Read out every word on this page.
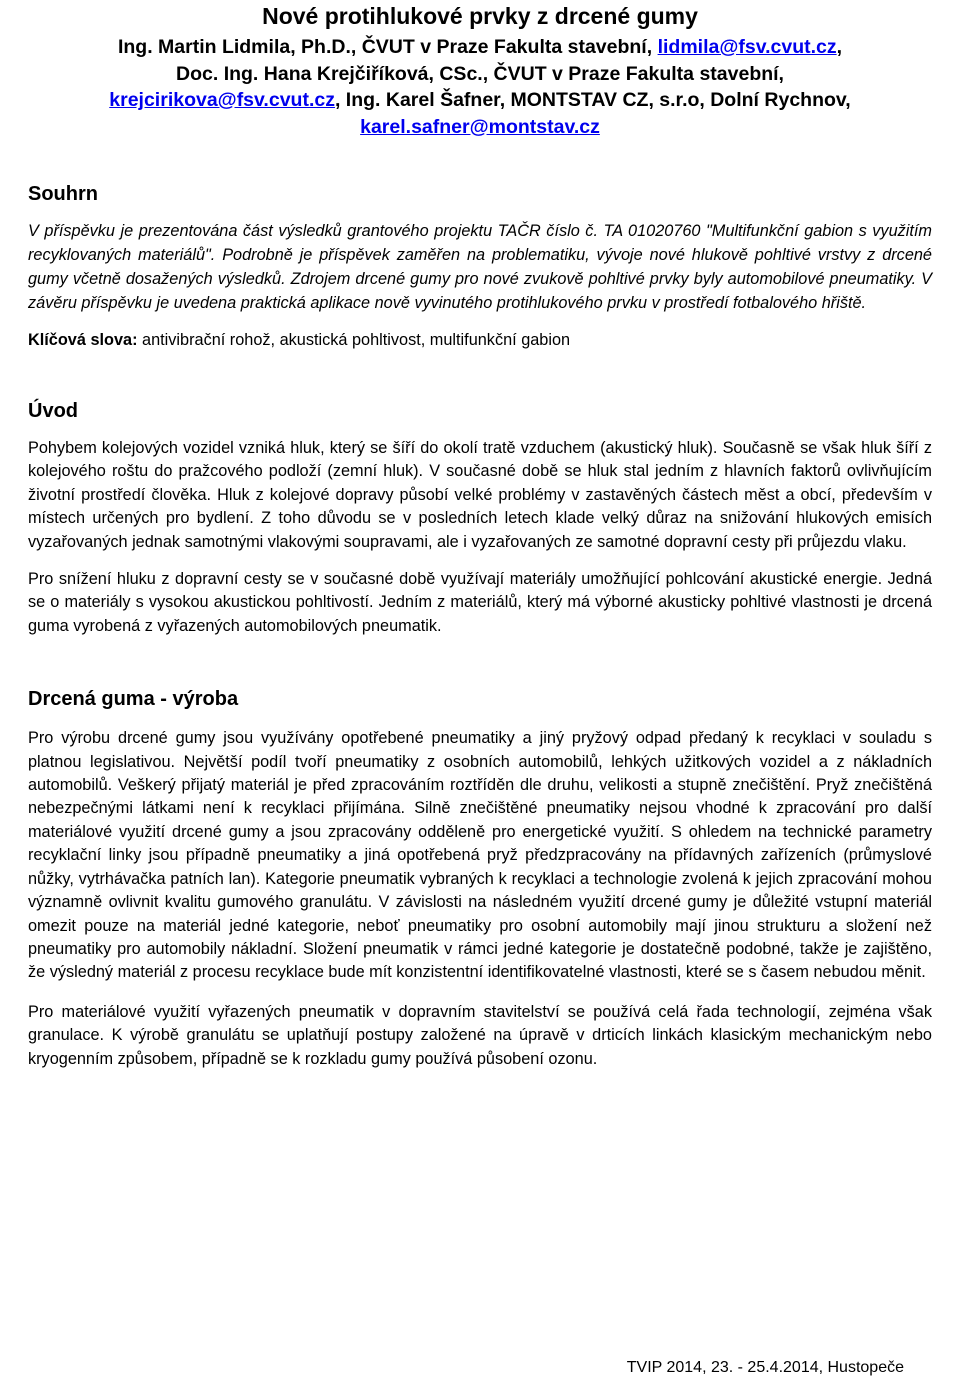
Nové protihlukové prvky z drcené gumy
Ing. Martin Lidmila, Ph.D., ČVUT v Praze Fakulta stavební, lidmila@fsv.cvut.cz,
Doc. Ing. Hana Krejčiříková, CSc., ČVUT v Praze Fakulta stavební,
krejcirikova@fsv.cvut.cz, Ing. Karel Šafner, MONTSTAV CZ, s.r.o, Dolní Rychnov,
karel.safner@montstav.cz
Souhrn

V příspěvku je prezentována část výsledků grantového projektu TAČR číslo č. TA 01020760 "Multifunkční gabion s využitím recyklovaných materiálů". Podrobně je příspěvek zaměřen na problematiku, vývoje nové hlukově pohltivé vrstvy z drcené gumy včetně dosažených výsledků. Zdrojem drcené gumy pro nové zvukově pohltivé prvky byly automobilové pneumatiky. V závěru příspěvku je uvedena praktická aplikace nově vyvinutého protihlukového prvku v prostředí fotbalového hřiště.

Klíčová slova: antivibrační rohož, akustická pohltivost, multifunkční gabion

Úvod

Pohybem kolejových vozidel vzniká hluk, který se šíří do okolí tratě vzduchem (akustický hluk). Současně se však hluk šíří z kolejového roštu do pražcového podloží (zemní hluk). V současné době se hluk stal jedním z hlavních faktorů ovlivňujícím životní prostředí člověka. Hluk z kolejové dopravy působí velké problémy v zastavěných částech měst a obcí, především v místech určených pro bydlení. Z toho důvodu se v posledních letech klade velký důraz na snižování hlukových emisích vyzařovaných jednak samotnými vlakovými soupravami, ale i vyzařovaných ze samotné dopravní cesty při průjezdu vlaku.

Pro snížení hluku z dopravní cesty se v současné době využívají materiály umožňující pohlcování akustické energie. Jedná se o materiály s vysokou akustickou pohltivostí. Jedním z materiálů, který má výborné akusticky pohltivé vlastnosti je drcená guma vyrobená z vyřazených automobilových pneumatik.

Drcená guma - výroba

Pro výrobu drcené gumy jsou využívány opotřebené pneumatiky a jiný pryžový odpad předaný k recyklaci v souladu s platnou legislativou. Největší podíl tvoří pneumatiky z osobních automobilů, lehkých užitkových vozidel a z nákladních automobilů. Veškerý přijatý materiál je před zpracováním roztříděn dle druhu, velikosti a stupně znečištění. Pryž znečištěná nebezpečnými látkami není k recyklaci přijímána. Silně znečištěné pneumatiky nejsou vhodné k zpracování pro další materiálové využití drcené gumy a jsou zpracovány odděleně pro energetické využití. S ohledem na technické parametry recyklační linky jsou případně pneumatiky a jiná opotřebená pryž předzpracovány na přídavných zařízeních (průmyslové nůžky, vytrhávačka patních lan). Kategorie pneumatik vybraných k recyklaci a technologie zvolená k jejich zpracování mohou významně ovlivnit kvalitu gumového granulátu. V závislosti na následném využití drcené gumy je důležité vstupní materiál omezit pouze na materiál jedné kategorie, neboť pneumatiky pro osobní automobily mají jinou strukturu a složení než pneumatiky pro automobily nákladní. Složení pneumatik v rámci jedné kategorie je dostatečně podobné, takže je zajištěno, že výsledný materiál z procesu recyklace bude mít konzistentní identifikovatelné vlastnosti, které se s časem nebudou měnit.

Pro materiálové využití vyřazených pneumatik v dopravním stavitelství se používá celá řada technologií, zejména však granulace. K výrobě granulátu se uplatňují postupy založené na úpravě v drticích linkách klasickým mechanickým nebo kryogenním způsobem, případně se k rozkladu gumy používá působení ozonu.

TVIP 2014, 23. - 25.4.2014, Hustopeče
